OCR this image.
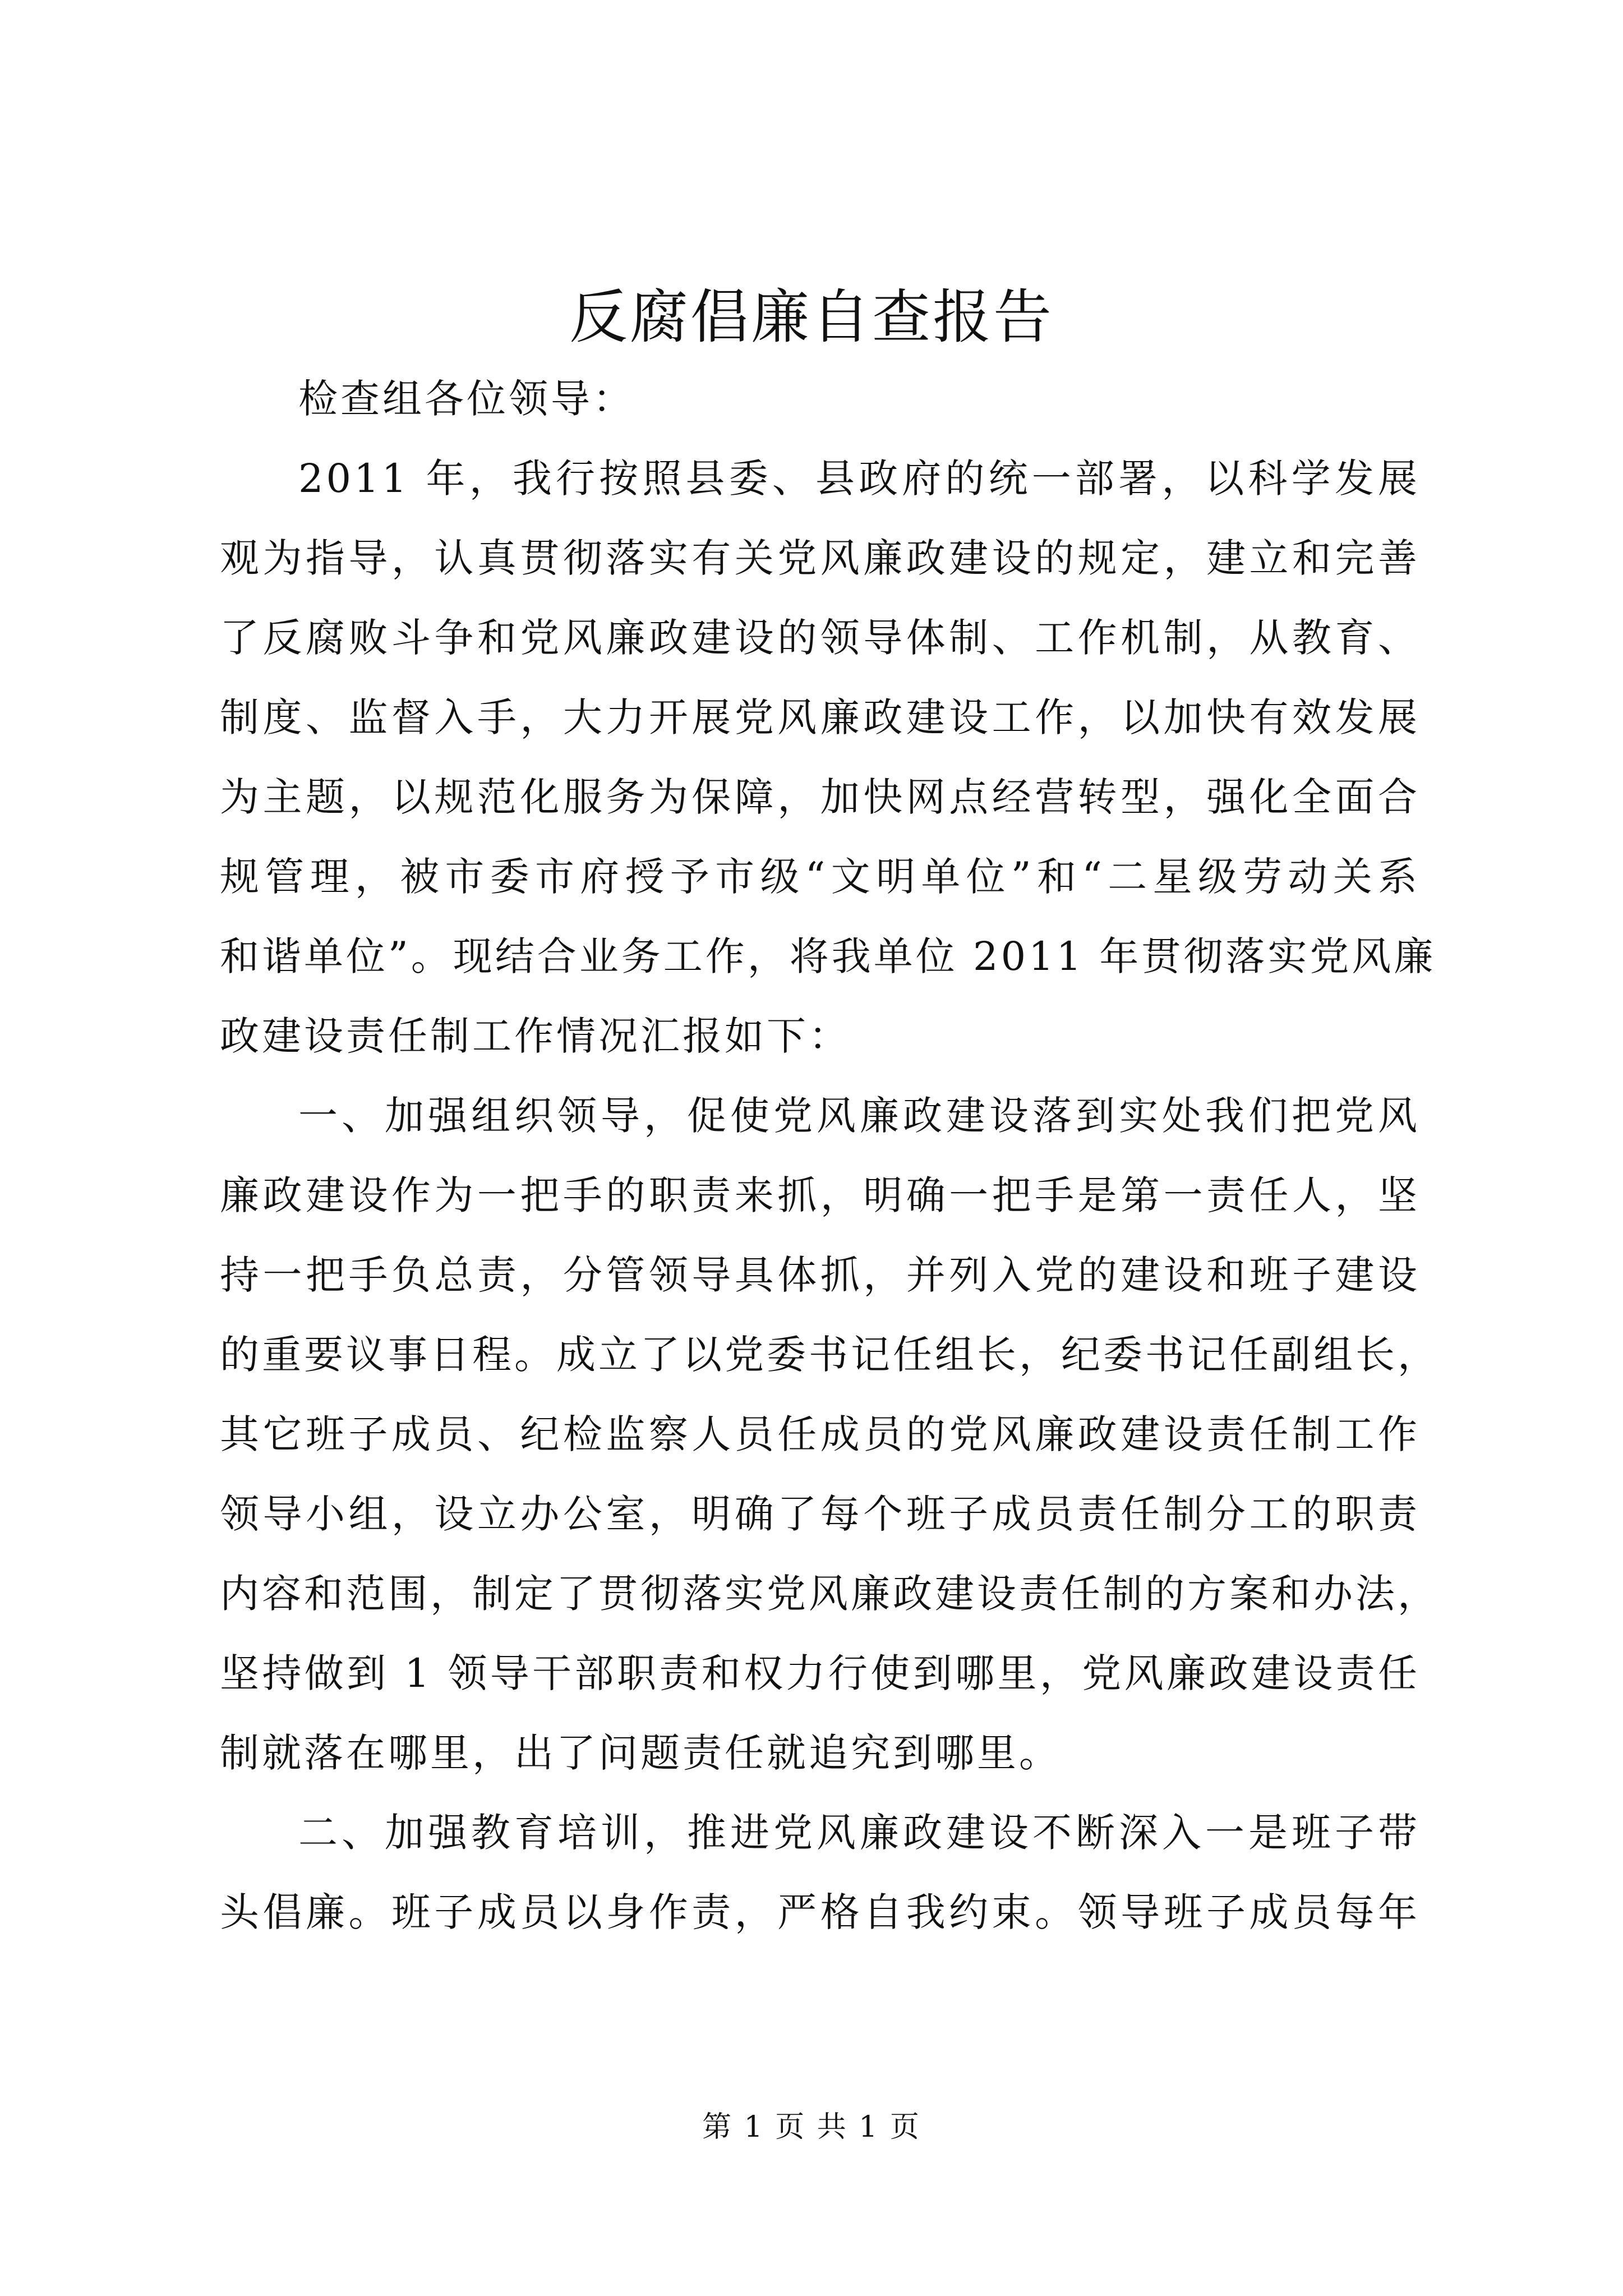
反腐倡廉自查报告

检查组各位领导：

2011 年，我行按照县委、县政府的统一部署，以科学发展
观为指导，认真贯彻落实有关党风廉政建设的规定，建立和完善
了反腐败斗争和党风廉政建设的领导体制、工作机制，从教育、
制度、监督入手，大力开展党风廉政建设工作，以加快有效发展
为主题，以规范化服务为保障，加快网点经营转型，强化全面合
规管理，被市委市府授予市级“文明单位”和“二星级劳动关系
和谐单位”。现结合业务工作，将我单位 2011 年贯彻落实党风廉
政建设责任制工作情况汇报如下：

一、加强组织领导，促使党风廉政建设落到实处我们把党风
廉政建设作为一把手的职责来抓，明确一把手是第一责任人，坚
持一把手负总责，分管领导具体抓，并列入党的建设和班子建设
的重要议事日程。成立了以党委书记任组长，纪委书记任副组长，
其它班子成员、纪检监察人员任成员的党风廉政建设责任制工作
领导小组，设立办公室，明确了每个班子成员责任制分工的职责
内容和范围，制定了贯彻落实党风廉政建设责任制的方案和办法，
坚持做到 1 领导干部职责和权力行使到哪里，党风廉政建设责任
制就落在哪里，出了问题责任就追究到哪里。

二、加强教育培训，推进党风廉政建设不断深入一是班子带
头倡廉。班子成员以身作责，严格自我约束。领导班子成员每年

第 1 页 共 1 页
